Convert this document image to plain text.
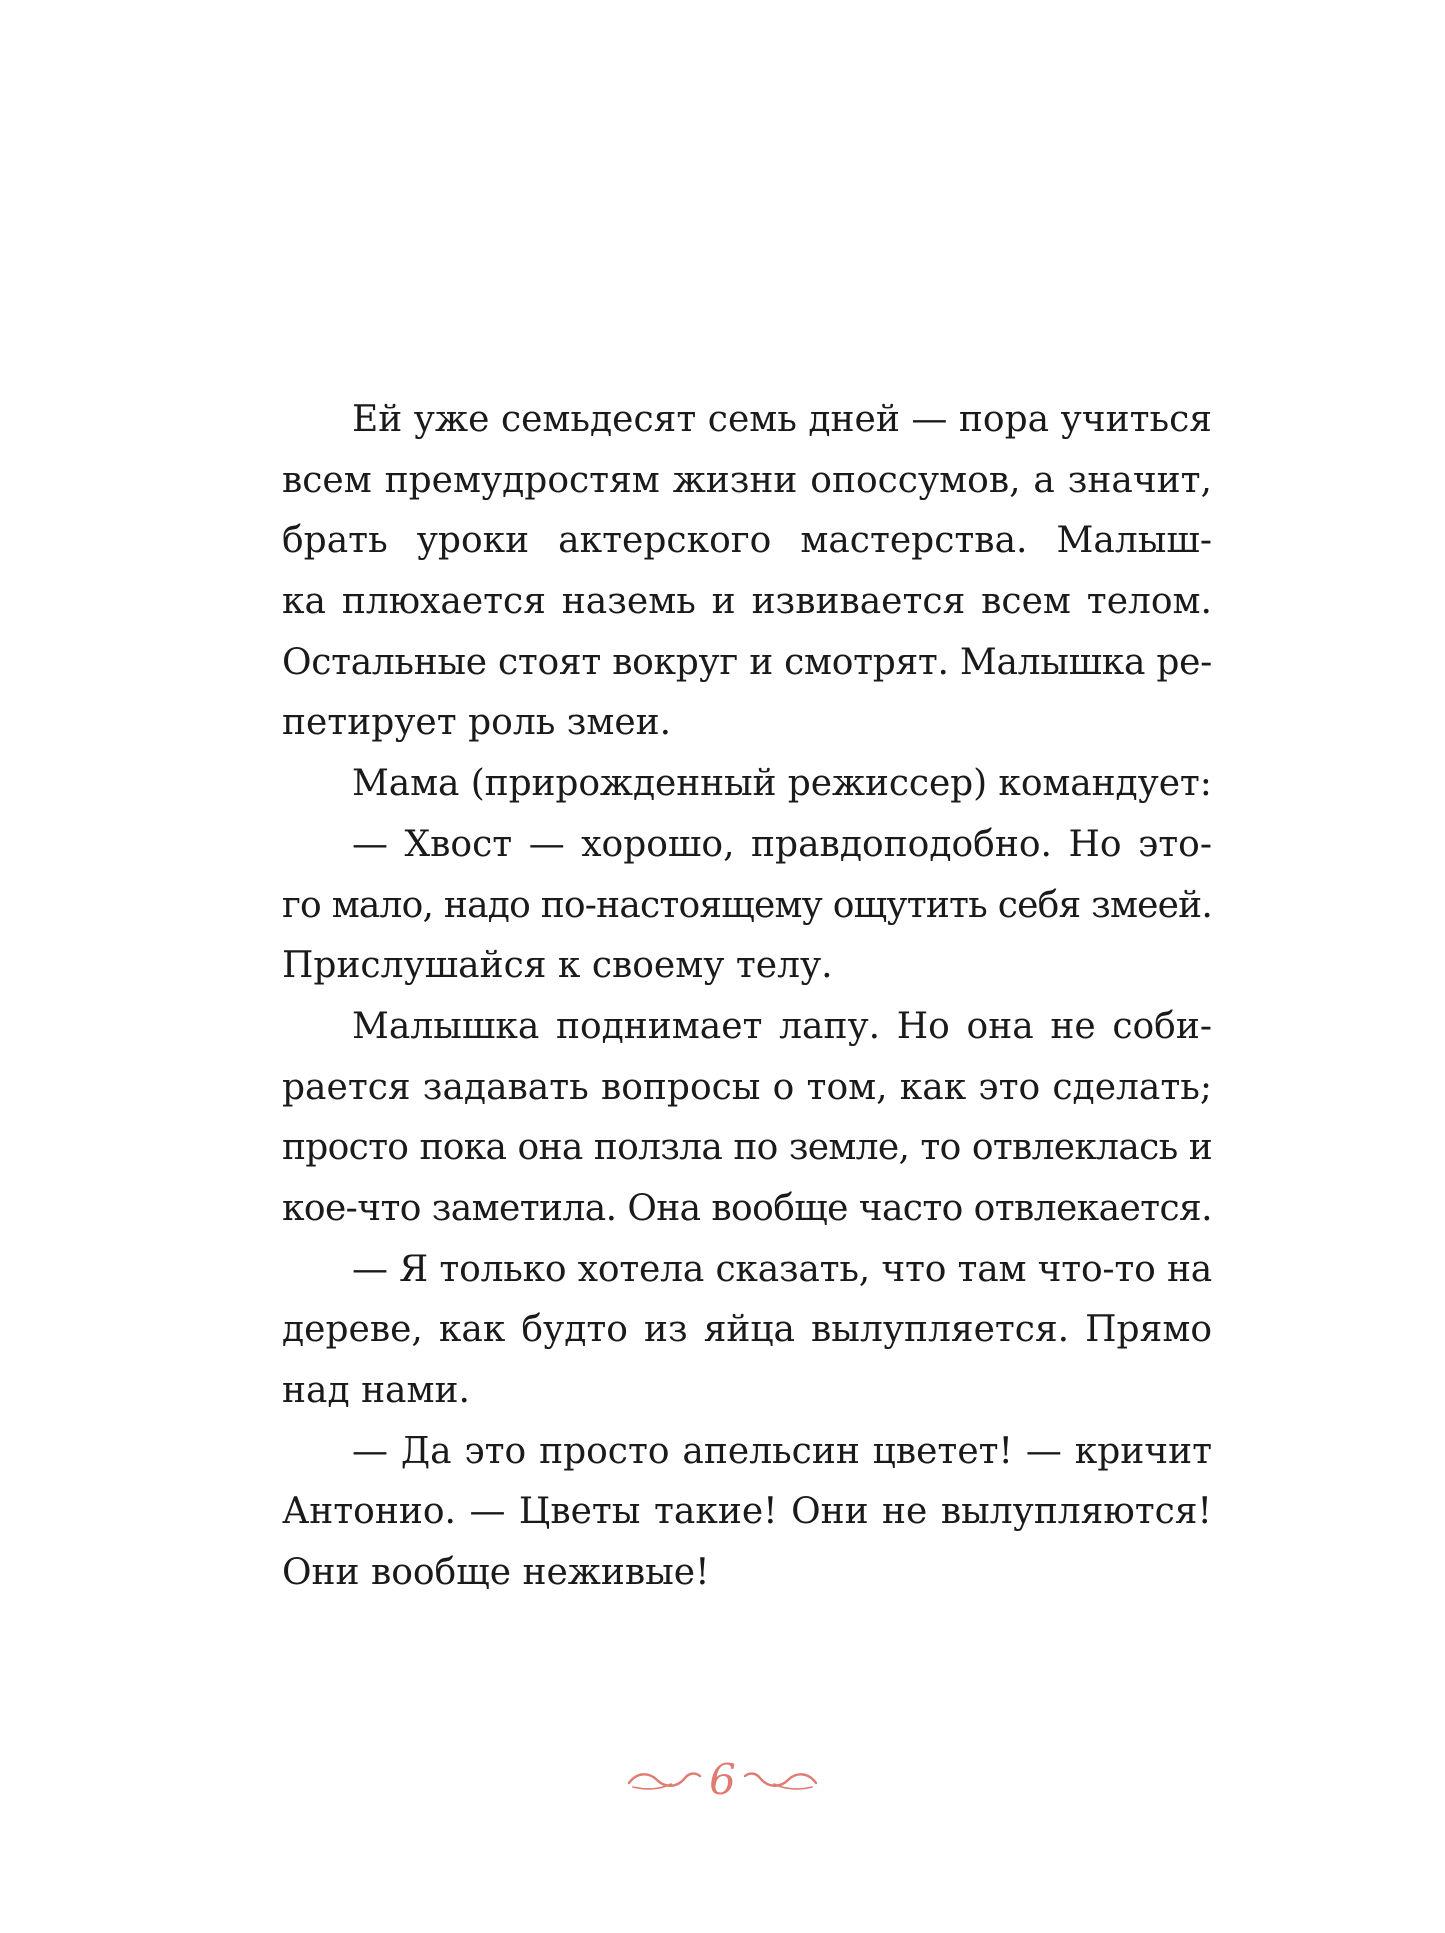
Ей уже семьдесят семь дней — пора учиться
всем премудростям жизни опоссумов, а значит,
брать уроки актерского мастерства. Малыш-
ка плюхается наземь и извивается всем телом.
Остальные стоят вокруг и смотрят. Малышка ре-
петирует роль змеи.
Мама (прирожденный режиссер) командует:
— Хвост — хорошо, правдоподобно. Но это-
го мало, надо по-настоящему ощутить себя змеей.
Прислушайся к своему телу.
Малышка поднимает лапу. Но она не соби-
рается задавать вопросы о том, как это сделать;
просто пока она ползла по земле, то отвлеклась и
кое-что заметила. Она вообще часто отвлекается.
— Я только хотела сказать, что там что-то на
дереве, как будто из яйца вылупляется. Прямо
над нами.
— Да это просто апельсин цветет! — кричит
Антонио. — Цветы такие! Они не вылупляются!
Они вообще неживые!
6
